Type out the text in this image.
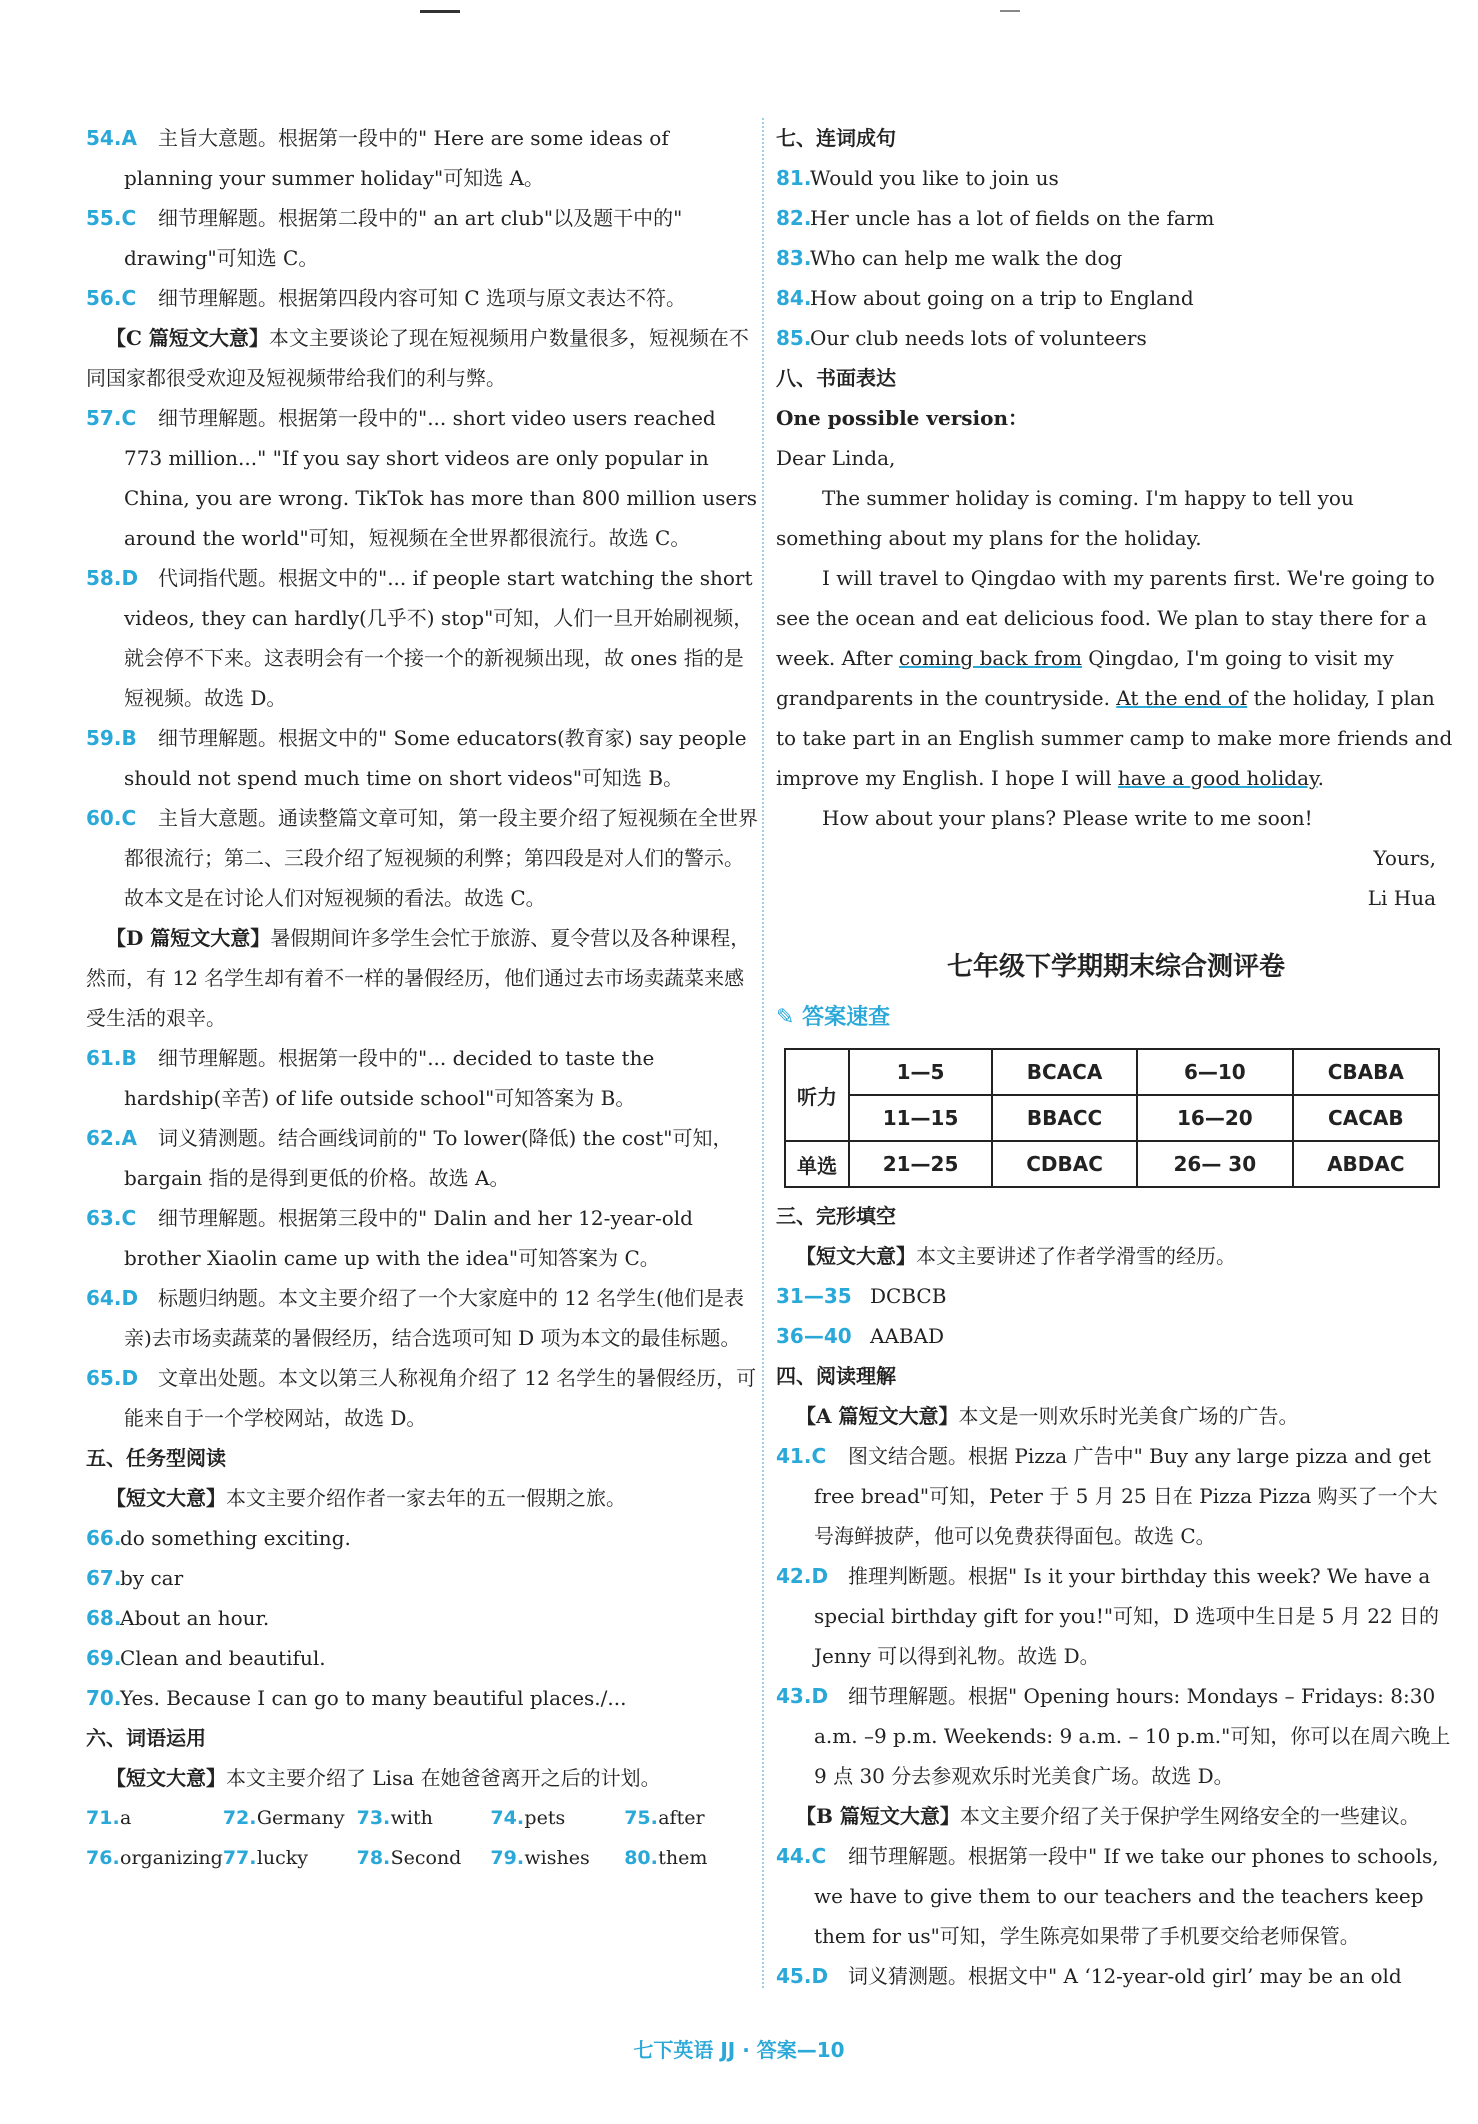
54.A 主旨大意题。根据第一段中的" Here are some ideas of planning your summer holiday"可知选 A。

55.C 细节理解题。根据第二段中的" an art club"以及题干中的" drawing"可知选 C。

56.C 细节理解题。根据第四段内容可知 C 选项与原文表达不符。

【C 篇短文大意】本文主要谈论了现在短视频用户数量很多，短视频在不同国家都很受欢迎及短视频带给我们的利与弊。

57.C 细节理解题。根据第一段中的"... short video users reached 773 million..." "If you say short videos are only popular in China, you are wrong. TikTok has more than 800 million users around the world"可知，短视频在全世界都很流行。故选 C。

58.D 代词指代题。根据文中的"... if people start watching the short videos, they can hardly(几乎不) stop"可知，人们一旦开始刷视频，就会停不下来。这表明会有一个接一个的新视频出现，故 ones 指的是短视频。故选 D。

59.B 细节理解题。根据文中的" Some educators(教育家) say people should not spend much time on short videos"可知选 B。

60.C 主旨大意题。通读整篇文章可知，第一段主要介绍了短视频在全世界都很流行；第二、三段介绍了短视频的利弊；第四段是对人们的警示。故本文是在讨论人们对短视频的看法。故选 C。

【D 篇短文大意】暑假期间许多学生会忙于旅游、夏令营以及各种课程，然而，有 12 名学生却有着不一样的暑假经历，他们通过去市场卖蔬菜来感受生活的艰辛。

61.B 细节理解题。根据第一段中的"... decided to taste the hardship(辛苦) of life outside school"可知答案为 B。

62.A 词义猜测题。结合画线词前的" To lower(降低) the cost"可知，bargain 指的是得到更低的价格。故选 A。

63.C 细节理解题。根据第三段中的" Dalin and her 12-year-old brother Xiaolin came up with the idea"可知答案为 C。

64.D 标题归纳题。本文主要介绍了一个大家庭中的 12 名学生(他们是表亲)去市场卖蔬菜的暑假经历，结合选项可知 D 项为本文的最佳标题。

65.D 文章出处题。本文以第三人称视角介绍了 12 名学生的暑假经历，可能来自于一个学校网站，故选 D。

五、任务型阅读

【短文大意】本文主要介绍作者一家去年的五一假期之旅。

66.
do something exciting.

67.
by car

68.
About an hour.

69.
Clean and beautiful.

70.
Yes. Because I can go to many beautiful places./...

六、词语运用

【短文大意】本文主要介绍了 Lisa 在她爸爸离开之后的计划。

71. a	72. Germany 73. with	74. pets	75. after
76. organizing 77. lucky	78. Second	79. wishes	80. them

七、连词成句

81.
Would you like to join us

82.
Her uncle has a lot of fields on the farm

83.
Who can help me walk the dog

84.
How about going on a trip to England

85.
Our club needs lots of volunteers

八、书面表达

One possible version：

Dear Linda,

The summer holiday is coming. I'm happy to tell you something about my plans for the holiday.

I will travel to Qingdao with my parents first. We're going to see the ocean and eat delicious food. We plan to stay there for a week. After coming back from Qingdao, I'm going to visit my grandparents in the countryside. At the end of the holiday, I plan to take part in an English summer camp to make more friends and improve my English. I hope I will have a good holiday.

How about your plans? Please write to me soon!

Yours,

Li Hua

七年级下学期期末综合测评卷

✎ 答案速查

听力	1—5	BCACA	6—10	CBABA
	11—15	BBACC	16—20	CACAB
单选	21—25	CDBAC	26— 30	ABDAC

三、完形填空

【短文大意】本文主要讲述了作者学滑雪的经历。

31—35 DCBCB

36—40 AABAD

四、阅读理解

【A 篇短文大意】本文是一则欢乐时光美食广场的广告。

41.C 图文结合题。根据 Pizza 广告中" Buy any large pizza and get free bread"可知，Peter 于 5 月 25 日在 Pizza Pizza 购买了一个大号海鲜披萨，他可以免费获得面包。故选 C。

42.D 推理判断题。根据" Is it your birthday this week? We have a special birthday gift for you!"可知，D 选项中生日是 5 月 22 日的 Jenny 可以得到礼物。故选 D。

43.D 细节理解题。根据" Opening hours: Mondays – Fridays: 8:30 a.m. –9 p.m. Weekends: 9 a.m. – 10 p.m."可知，你可以在周六晚上 9 点 30 分去参观欢乐时光美食广场。故选 D。

【B 篇短文大意】本文主要介绍了关于保护学生网络安全的一些建议。

44.C 细节理解题。根据第一段中" If we take our phones to schools, we have to give them to our teachers and the teachers keep them for us"可知，学生陈亮如果带了手机要交给老师保管。

45.D 词义猜测题。根据文中" A ‘12-year-old girl’ may be an old

七下英语 JJ · 答案—10
